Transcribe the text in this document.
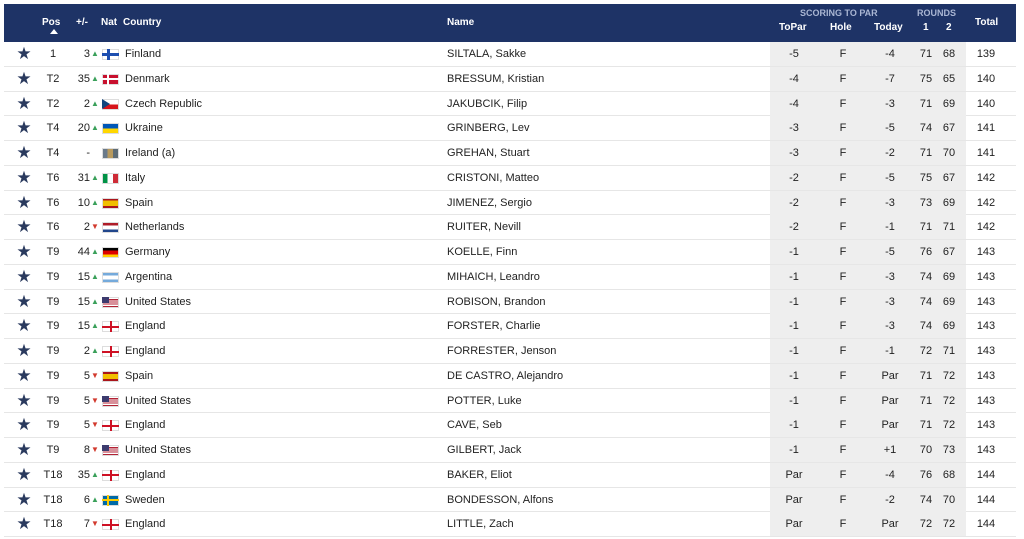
Pos +/- Nat Country	Name
SCORING TO PAR
ToPar Hole Today
ROUNDS
1 2 Total
★	1	3 ▲ Finland	SILTALA, Sakke	-5	F	-4	71 68	139
★	T2	35 ▲ Denmark	BRESSUM, Kristian	-4	F	-7	75 65	140
★	T2	2 ▲ Czech Republic	JAKUBCIK, Filip	-4	F	-3	71 69	140
★	T4	20 ▲ Ukraine	GRINBERG, Lev	-3	F	-5	74 67	141
★	T4	-	Ireland (a)	GREHAN, Stuart	-3	F	-2	71 70	141
★	T6	31 ▲ Italy	CRISTONI, Matteo	-2	F	-5	75 67	142
★	T6	10 ▲ Spain	JIMENEZ, Sergio	-2	F	-3	73 69	142
★	T6	2 ▼ Netherlands	RUITER, Nevill	-2	F	-1	71 71	142
★	T9	44 ▲ Germany	KOELLE, Finn	-1	F	-5	76 67	143
★	T9	15 ▲ Argentina	MIHAICH, Leandro	-1	F	-3	74 69	143
★	T9	15 ▲ United States	ROBISON, Brandon	-1	F	-3	74 69	143
★	T9	15 ▲ England	FORSTER, Charlie	-1	F	-3	74 69	143
★	T9	2 ▲ England	FORRESTER, Jenson	-1	F	-1	72 71	143
★	T9	5 ▼ Spain	DE CASTRO, Alejandro	-1	F	Par	71 72	143
★	T9	5 ▼ United States	POTTER, Luke	-1	F	Par	71 72	143
★	T9	5 ▼ England	CAVE, Seb	-1	F	Par	71 72	143
★	T9	8 ▼ United States	GILBERT, Jack	-1	F	+1	70 73	143
★	T18	35 ▲ England	BAKER, Eliot	Par	F	-4	76 68	144
★	T18	6 ▲ Sweden	BONDESSON, Alfons	Par	F	-2	74 70	144
★	T18	7 ▼ England	LITTLE, Zach	Par	F	Par	72 72	144
